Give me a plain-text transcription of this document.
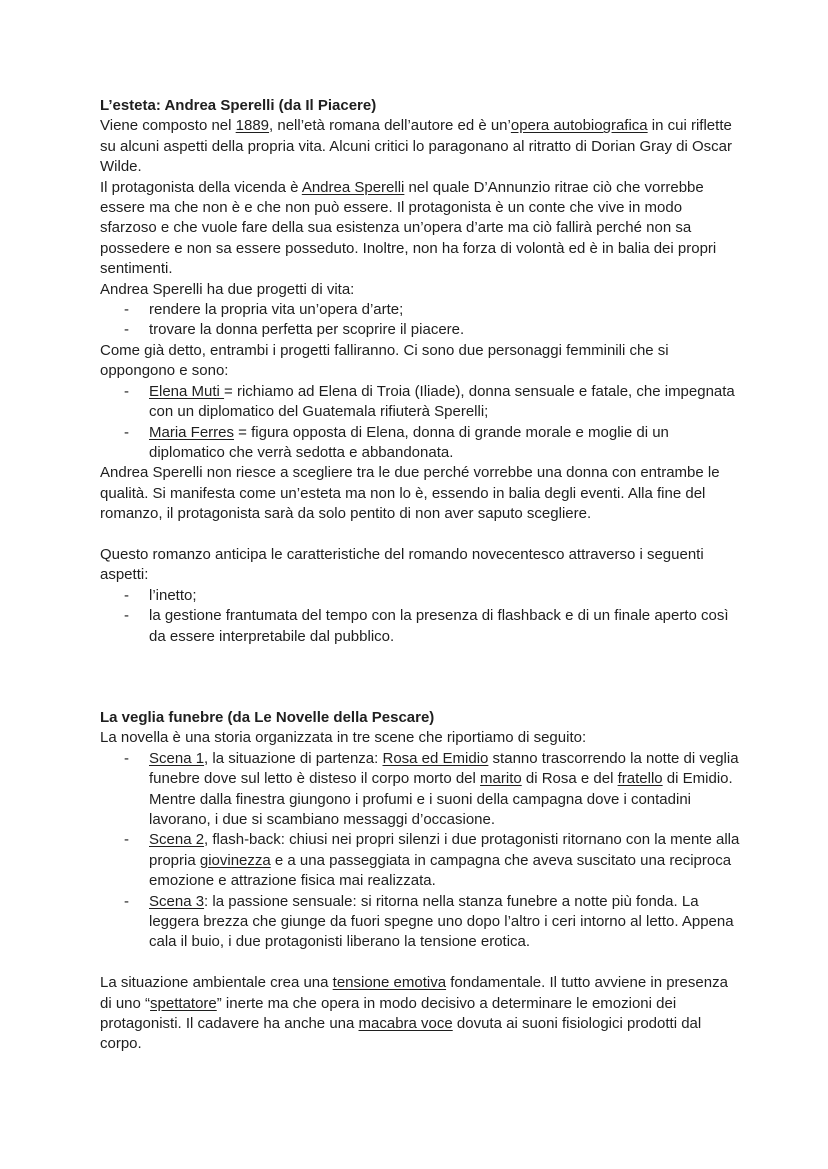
L’esteta: Andrea Sperelli (da Il Piacere)

Viene composto nel 1889, nell’età romana dell’autore ed è un’opera autobiografica in cui riflette su alcuni aspetti della propria vita. Alcuni critici lo paragonano al ritratto di Dorian Gray di Oscar Wilde.

Il protagonista della vicenda è Andrea Sperelli nel quale D’Annunzio ritrae ciò che vorrebbe essere ma che non è e che non può essere. Il protagonista è un conte che vive in modo sfarzoso e che vuole fare della sua esistenza un’opera d’arte ma ciò fallirà perché non sa possedere e non sa essere posseduto. Inoltre, non ha forza di volontà ed è in balia dei propri sentimenti.

Andrea Sperelli ha due progetti di vita:

- rendere la propria vita un’opera d’arte;
- trovare la donna perfetta per scoprire il piacere.

Come già detto, entrambi i progetti falliranno. Ci sono due personaggi femminili che si oppongono e sono:

- Elena Muti = richiamo ad Elena di Troia (Iliade), donna sensuale e fatale, che impegnata con un diplomatico del Guatemala rifiuterà Sperelli;
- Maria Ferres = figura opposta di Elena, donna di grande morale e moglie di un diplomatico che verrà sedotta e abbandonata.

Andrea Sperelli non riesce a scegliere tra le due perché vorrebbe una donna con entrambe le qualità. Si manifesta come un’esteta ma non lo è, essendo in balia degli eventi. Alla fine del romanzo, il protagonista sarà da solo pentito di non aver saputo scegliere.

Questo romanzo anticipa le caratteristiche del romando novecentesco attraverso i seguenti aspetti:

- l’inetto;
- la gestione frantumata del tempo con la presenza di flashback e di un finale aperto così da essere interpretabile dal pubblico.
La veglia funebre (da Le Novelle della Pescare)

La novella è una storia organizzata in tre scene che riportiamo di seguito:

- Scena 1, la situazione di partenza: Rosa ed Emidio stanno trascorrendo la notte di veglia funebre dove sul letto è disteso il corpo morto del marito di Rosa e del fratello di Emidio. Mentre dalla finestra giungono i profumi e i suoni della campagna dove i contadini lavorano, i due si scambiano messaggi d’occasione.
- Scena 2, flash-back: chiusi nei propri silenzi i due protagonisti ritornano con la mente alla propria giovinezza e a una passeggiata in campagna che aveva suscitato una reciproca emozione e attrazione fisica mai realizzata.
- Scena 3: la passione sensuale: si ritorna nella stanza funebre a notte più fonda. La leggera brezza che giunge da fuori spegne uno dopo l’altro i ceri intorno al letto. Appena cala il buio, i due protagonisti liberano la tensione erotica.

La situazione ambientale crea una tensione emotiva fondamentale. Il tutto avviene in presenza di uno “spettatore” inerte ma che opera in modo decisivo a determinare le emozioni dei protagonisti. Il cadavere ha anche una macabra voce dovuta ai suoni fisiologici prodotti dal corpo.
